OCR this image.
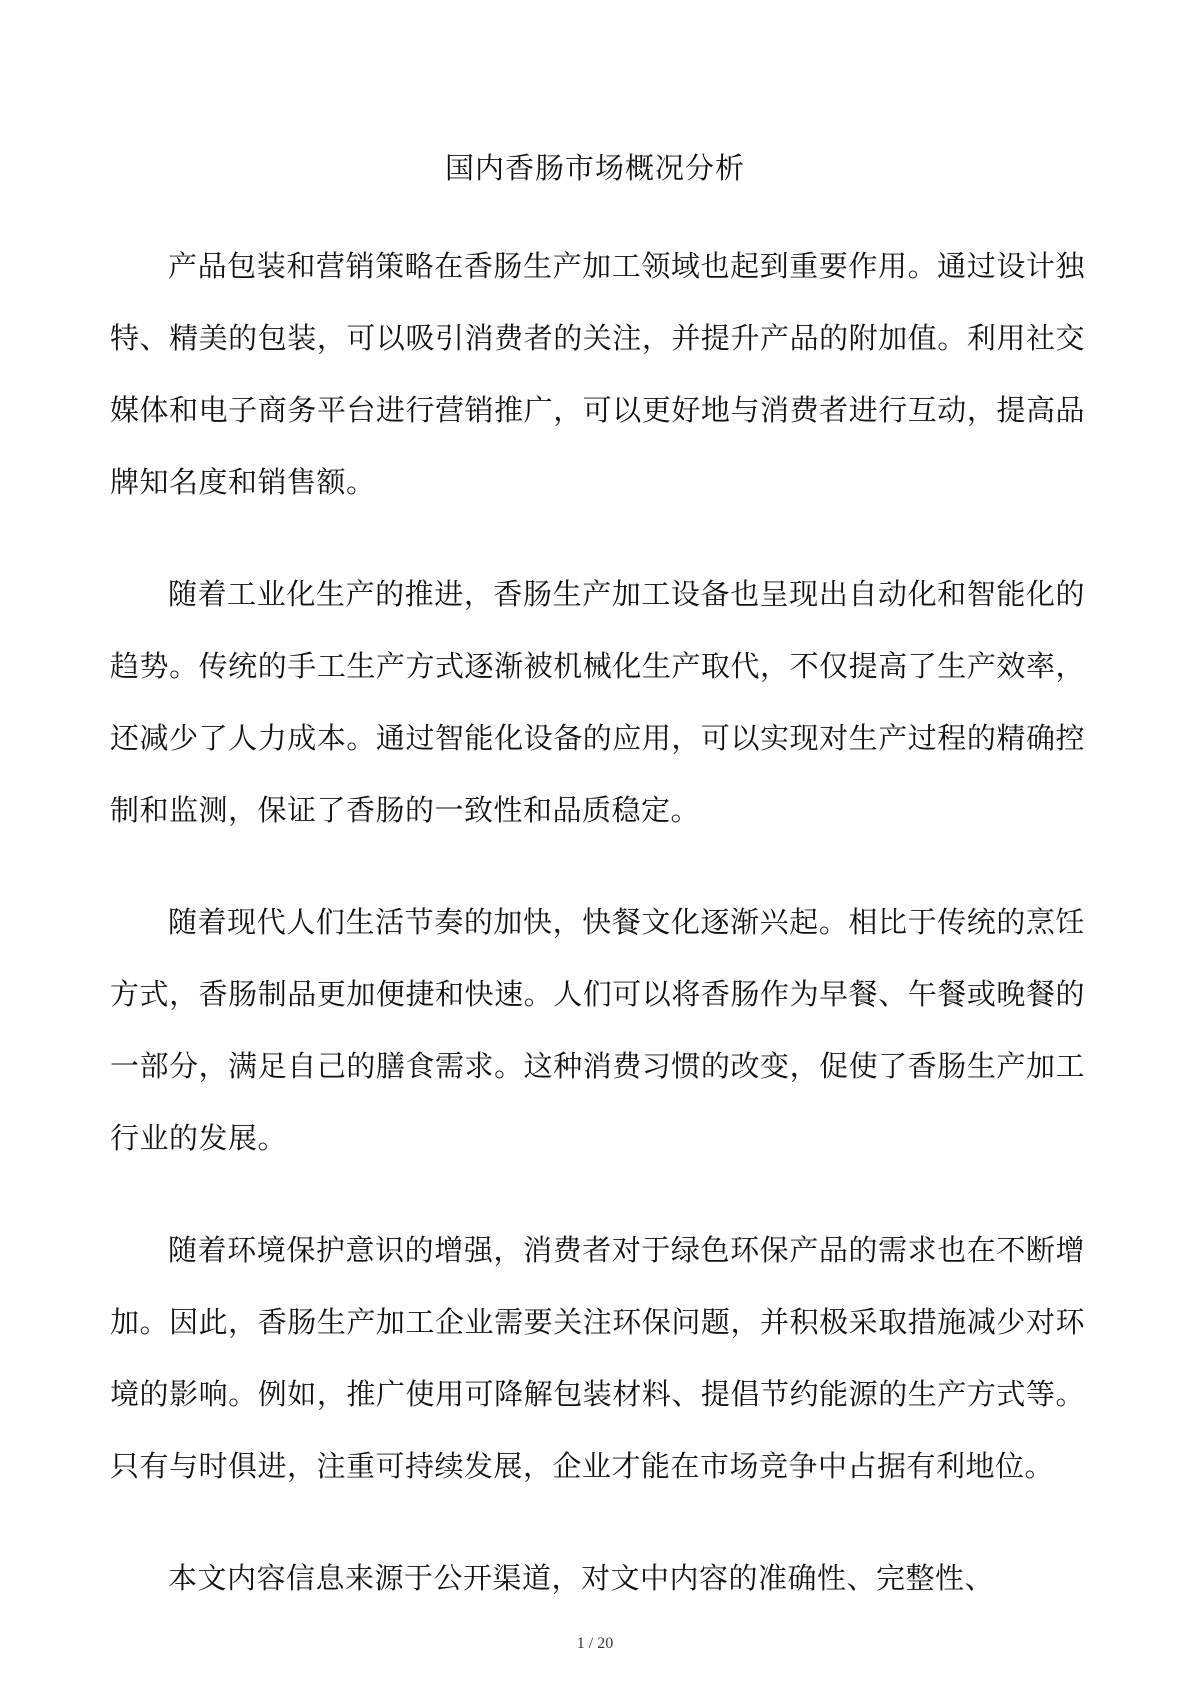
国内香肠市场概况分析

产品包装和营销策略在香肠生产加工领域也起到重要作用。通过设计独特、精美的包装，可以吸引消费者的关注，并提升产品的附加值。利用社交媒体和电子商务平台进行营销推广，可以更好地与消费者进行互动，提高品牌知名度和销售额。

随着工业化生产的推进，香肠生产加工设备也呈现出自动化和智能化的趋势。传统的手工生产方式逐渐被机械化生产取代，不仅提高了生产效率，还减少了人力成本。通过智能化设备的应用，可以实现对生产过程的精确控制和监测，保证了香肠的一致性和品质稳定。

随着现代人们生活节奏的加快，快餐文化逐渐兴起。相比于传统的烹饪方式，香肠制品更加便捷和快速。人们可以将香肠作为早餐、午餐或晚餐的一部分，满足自己的膳食需求。这种消费习惯的改变，促使了香肠生产加工行业的发展。

随着环境保护意识的增强，消费者对于绿色环保产品的需求也在不断增加。因此，香肠生产加工企业需要关注环保问题，并积极采取措施减少对环境的影响。例如，推广使用可降解包装材料、提倡节约能源的生产方式等。只有与时俱进，注重可持续发展，企业才能在市场竞争中占据有利地位。

本文内容信息来源于公开渠道，对文中内容的准确性、完整性、

1 / 20
